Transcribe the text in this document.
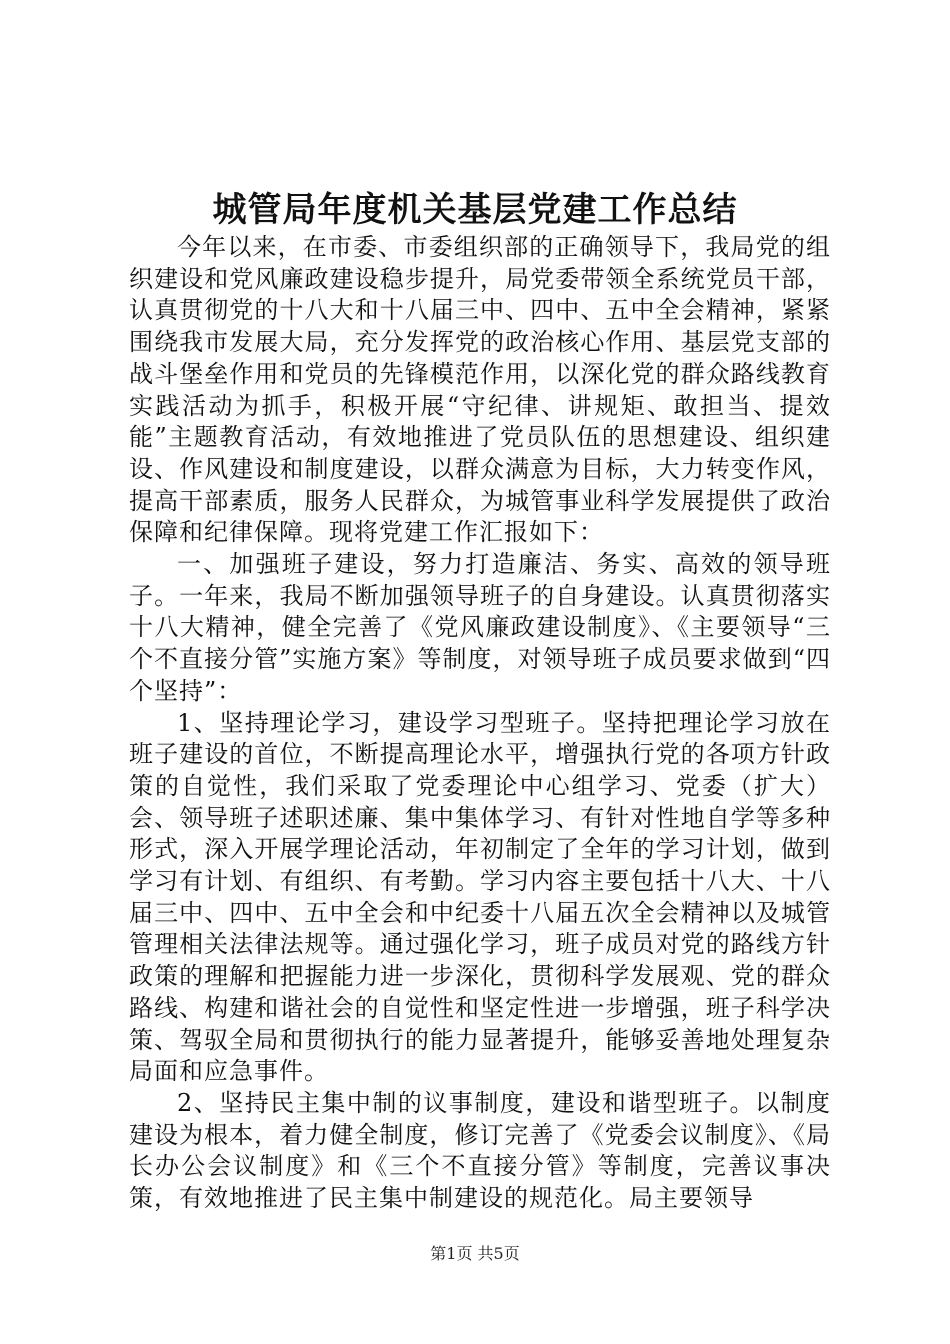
城管局年度机关基层党建工作总结

今年以来，在市委、市委组织部的正确领导下，我局党的组织建设和党风廉政建设稳步提升，局党委带领全系统党员干部，认真贯彻党的十八大和十八届三中、四中、五中全会精神，紧紧围绕我市发展大局，充分发挥党的政治核心作用、基层党支部的战斗堡垒作用和党员的先锋模范作用，以深化党的群众路线教育实践活动为抓手，积极开展“守纪律、讲规矩、敢担当、提效能”主题教育活动，有效地推进了党员队伍的思想建设、组织建设、作风建设和制度建设，以群众满意为目标，大力转变作风，提高干部素质，服务人民群众，为城管事业科学发展提供了政治保障和纪律保障。现将党建工作汇报如下：

一、加强班子建设，努力打造廉洁、务实、高效的领导班子。一年来，我局不断加强领导班子的自身建设。认真贯彻落实十八大精神，健全完善了《党风廉政建设制度》、《主要领导“三个不直接分管”实施方案》等制度，对领导班子成员要求做到“四个坚持”：

1、坚持理论学习，建设学习型班子。坚持把理论学习放在班子建设的首位，不断提高理论水平，增强执行党的各项方针政策的自觉性，我们采取了党委理论中心组学习、党委（扩大）会、领导班子述职述廉、集中集体学习、有针对性地自学等多种形式，深入开展学理论活动，年初制定了全年的学习计划，做到学习有计划、有组织、有考勤。学习内容主要包括十八大、十八届三中、四中、五中全会和中纪委十八届五次全会精神以及城管管理相关法律法规等。通过强化学习，班子成员对党的路线方针政策的理解和把握能力进一步深化，贯彻科学发展观、党的群众路线、构建和谐社会的自觉性和坚定性进一步增强，班子科学决策、驾驭全局和贯彻执行的能力显著提升，能够妥善地处理复杂局面和应急事件。

2、坚持民主集中制的议事制度，建设和谐型班子。以制度建设为根本，着力健全制度，修订完善了《党委会议制度》、《局长办公会议制度》和《三个不直接分管》等制度，完善议事决策，有效地推进了民主集中制建设的规范化。局主要领导

第1页 共5页
